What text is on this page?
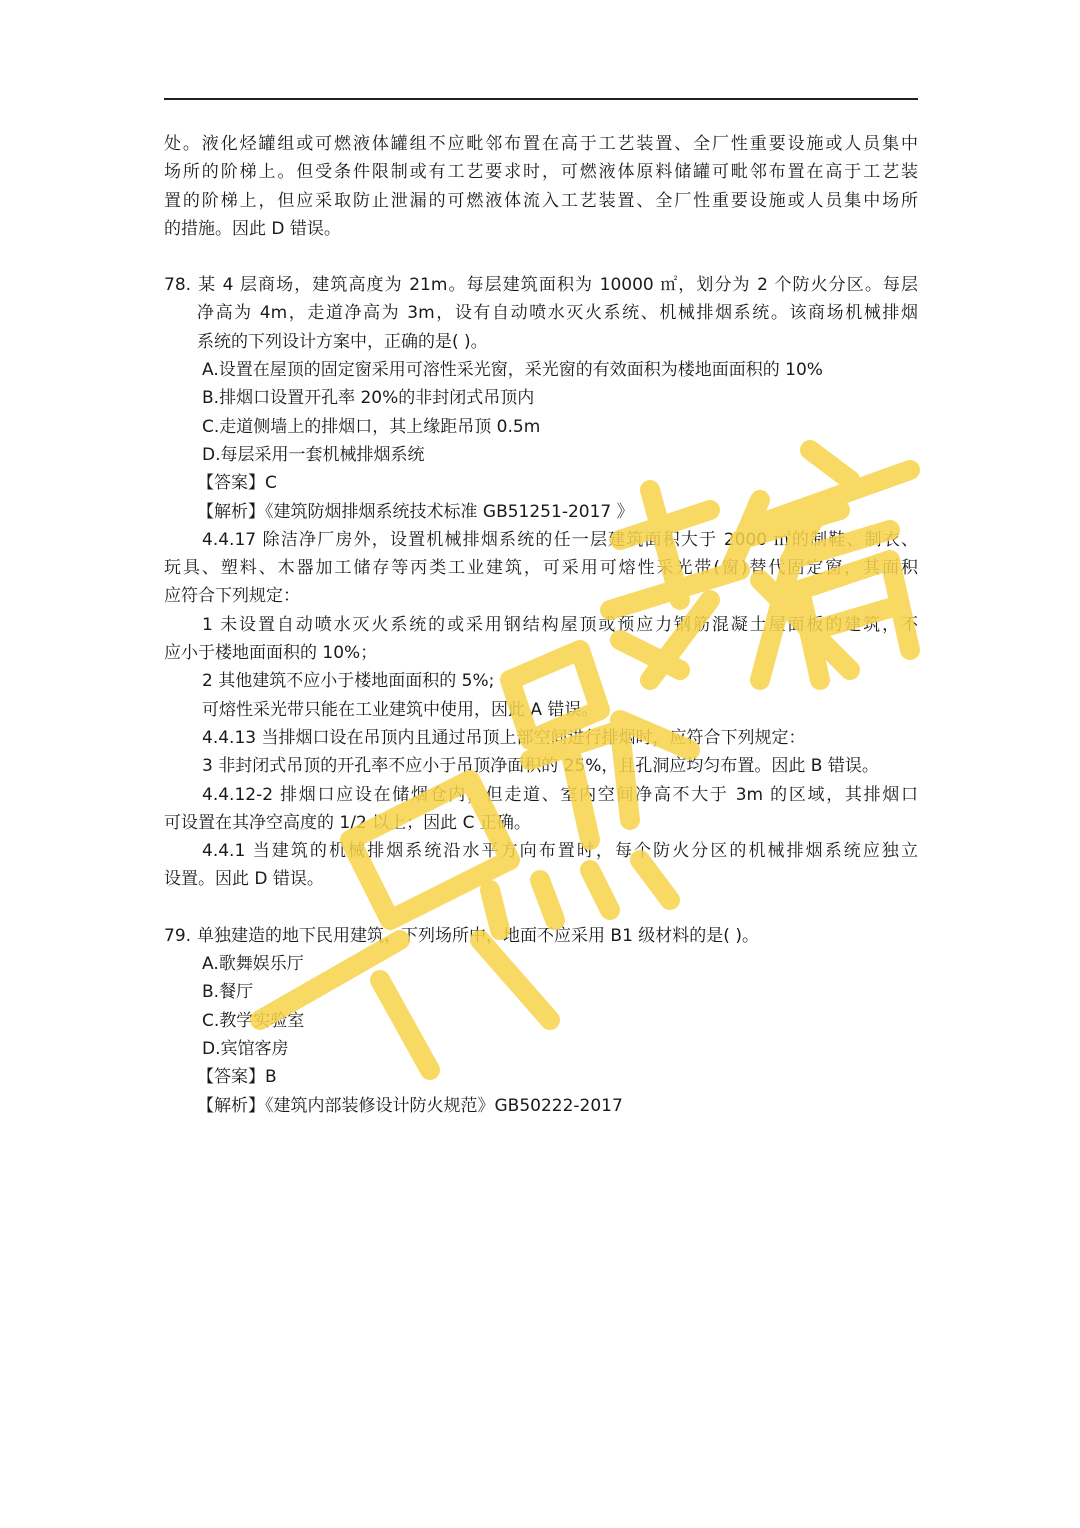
处。液化烃罐组或可燃液体罐组不应毗邻布置在高于工艺装置、全厂性重要设施或人员集中

场所的阶梯上。但受条件限制或有工艺要求时，可燃液体原料储罐可毗邻布置在高于工艺装

置的阶梯上，但应采取防止泄漏的可燃液体流入工艺装置、全厂性重要设施或人员集中场所

的措施。因此 D 错误。

78. 某 4 层商场，建筑高度为 21m。每层建筑面积为 10000 ㎡，划分为 2 个防火分区。每层

净高为 4m，走道净高为 3m，设有自动喷水灭火系统、机械排烟系统。该商场机械排烟

系统的下列设计方案中，正确的是( )。

A.设置在屋顶的固定窗采用可溶性采光窗，采光窗的有效面积为楼地面面积的 10%

B.排烟口设置开孔率 20%的非封闭式吊顶内

C.走道侧墙上的排烟口，其上缘距吊顶 0.5m

D.每层采用一套机械排烟系统

【答案】C

【解析】《建筑防烟排烟系统技术标准 GB51251-2017 》

4.4.17 除洁净厂房外，设置机械排烟系统的任一层建筑面积大于 2000 ㎡的制鞋、制衣、

玩具、塑料、木器加工储存等丙类工业建筑，可采用可熔性采光带(窗)替代固定窗，其面积

应符合下列规定：

1 未设置自动喷水灭火系统的或采用钢结构屋顶或预应力钢筋混凝土屋面板的建筑，不

应小于楼地面面积的 10%；

2 其他建筑不应小于楼地面面积的 5%;

可熔性采光带只能在工业建筑中使用，因此 A 错误。

4.4.13 当排烟口设在吊顶内且通过吊顶上部空间进行排烟时，应符合下列规定：

3 非封闭式吊顶的开孔率不应小于吊顶净面积的 25%，且孔洞应均匀布置。因此 B 错误。

4.4.12-2 排烟口应设在储烟仓内，但走道、室内空间净高不大于 3m 的区域，其排烟口

可设置在其净空高度的 1/2 以上；因此 C 正确。

4.4.1 当建筑的机械排烟系统沿水平方向布置时，每个防火分区的机械排烟系统应独立

设置。因此 D 错误。

79. 单独建造的地下民用建筑，下列场所中，地面不应采用 B1 级材料的是( )。

A.歌舞娱乐厅

B.餐厅

C.教学实验室

D.宾馆客房

【答案】B

【解析】《建筑内部装修设计防火规范》GB50222-2017
